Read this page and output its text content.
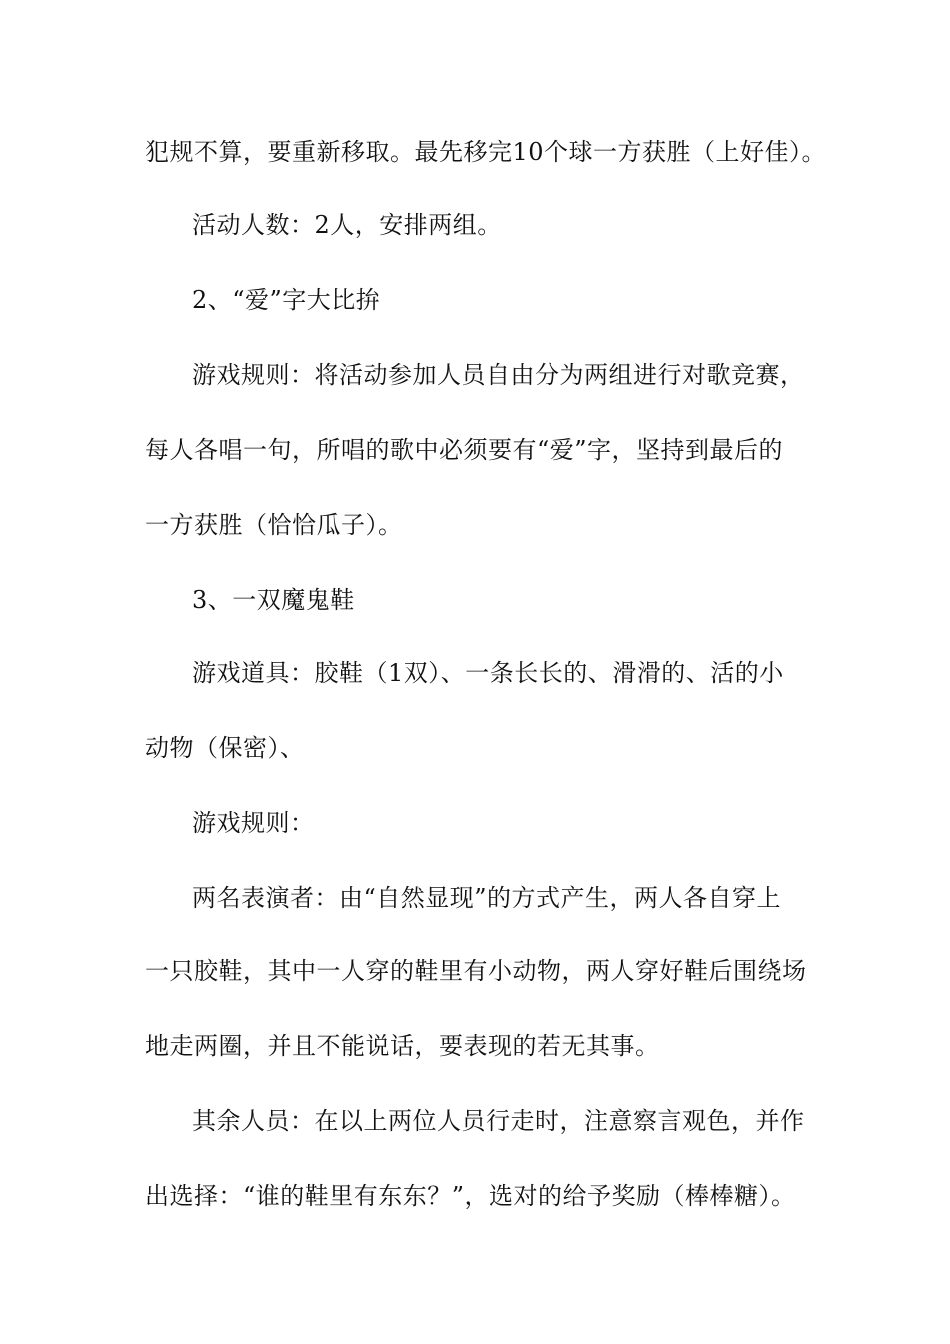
犯规不算，要重新移取。最先移完10个球一方获胜（上好佳）。
活动人数：2人，安排两组。
2、“爱”字大比拚
游戏规则：将活动参加人员自由分为两组进行对歌竞赛，
每人各唱一句，所唱的歌中必须要有“爱”字，坚持到最后的
一方获胜（恰恰瓜子）。
3、一双魔鬼鞋
游戏道具：胶鞋（1双）、一条长长的、滑滑的、活的小
动物（保密）、
游戏规则：
两名表演者：由“自然显现”的方式产生，两人各自穿上
一只胶鞋，其中一人穿的鞋里有小动物，两人穿好鞋后围绕场
地走两圈，并且不能说话，要表现的若无其事。
其余人员：在以上两位人员行走时，注意察言观色，并作
出选择：“谁的鞋里有东东？”，选对的给予奖励（棒棒糖）。
